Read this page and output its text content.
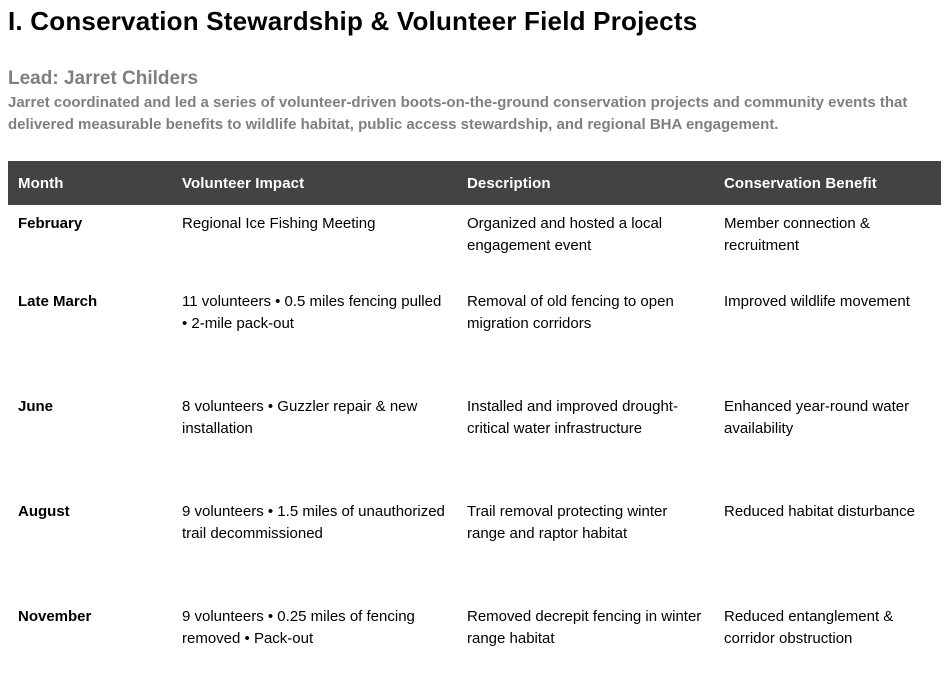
I. Conservation Stewardship & Volunteer Field Projects
Lead: Jarret Childers

Jarret coordinated and led a series of volunteer-driven boots-on-the-ground conservation projects and community events that delivered measurable benefits to wildlife habitat, public access stewardship, and regional BHA engagement.

Month	Volunteer Impact	Description	Conservation Benefit
February	Regional Ice Fishing Meeting	Organized and hosted a local engagement event	Member connection & recruitment
Late March	11 volunteers • 0.5 miles fencing pulled • 2-mile pack-out	Removal of old fencing to open migration corridors	Improved wildlife movement
June	8 volunteers • Guzzler repair & new installation	Installed and improved drought-critical water infrastructure	Enhanced year-round water availability
August	9 volunteers • 1.5 miles of unauthorized trail decommissioned	Trail removal protecting winter range and raptor habitat	Reduced habitat disturbance
November	9 volunteers • 0.25 miles of fencing removed • Pack-out	Removed decrepit fencing in winter range habitat	Reduced entanglement & corridor obstruction
